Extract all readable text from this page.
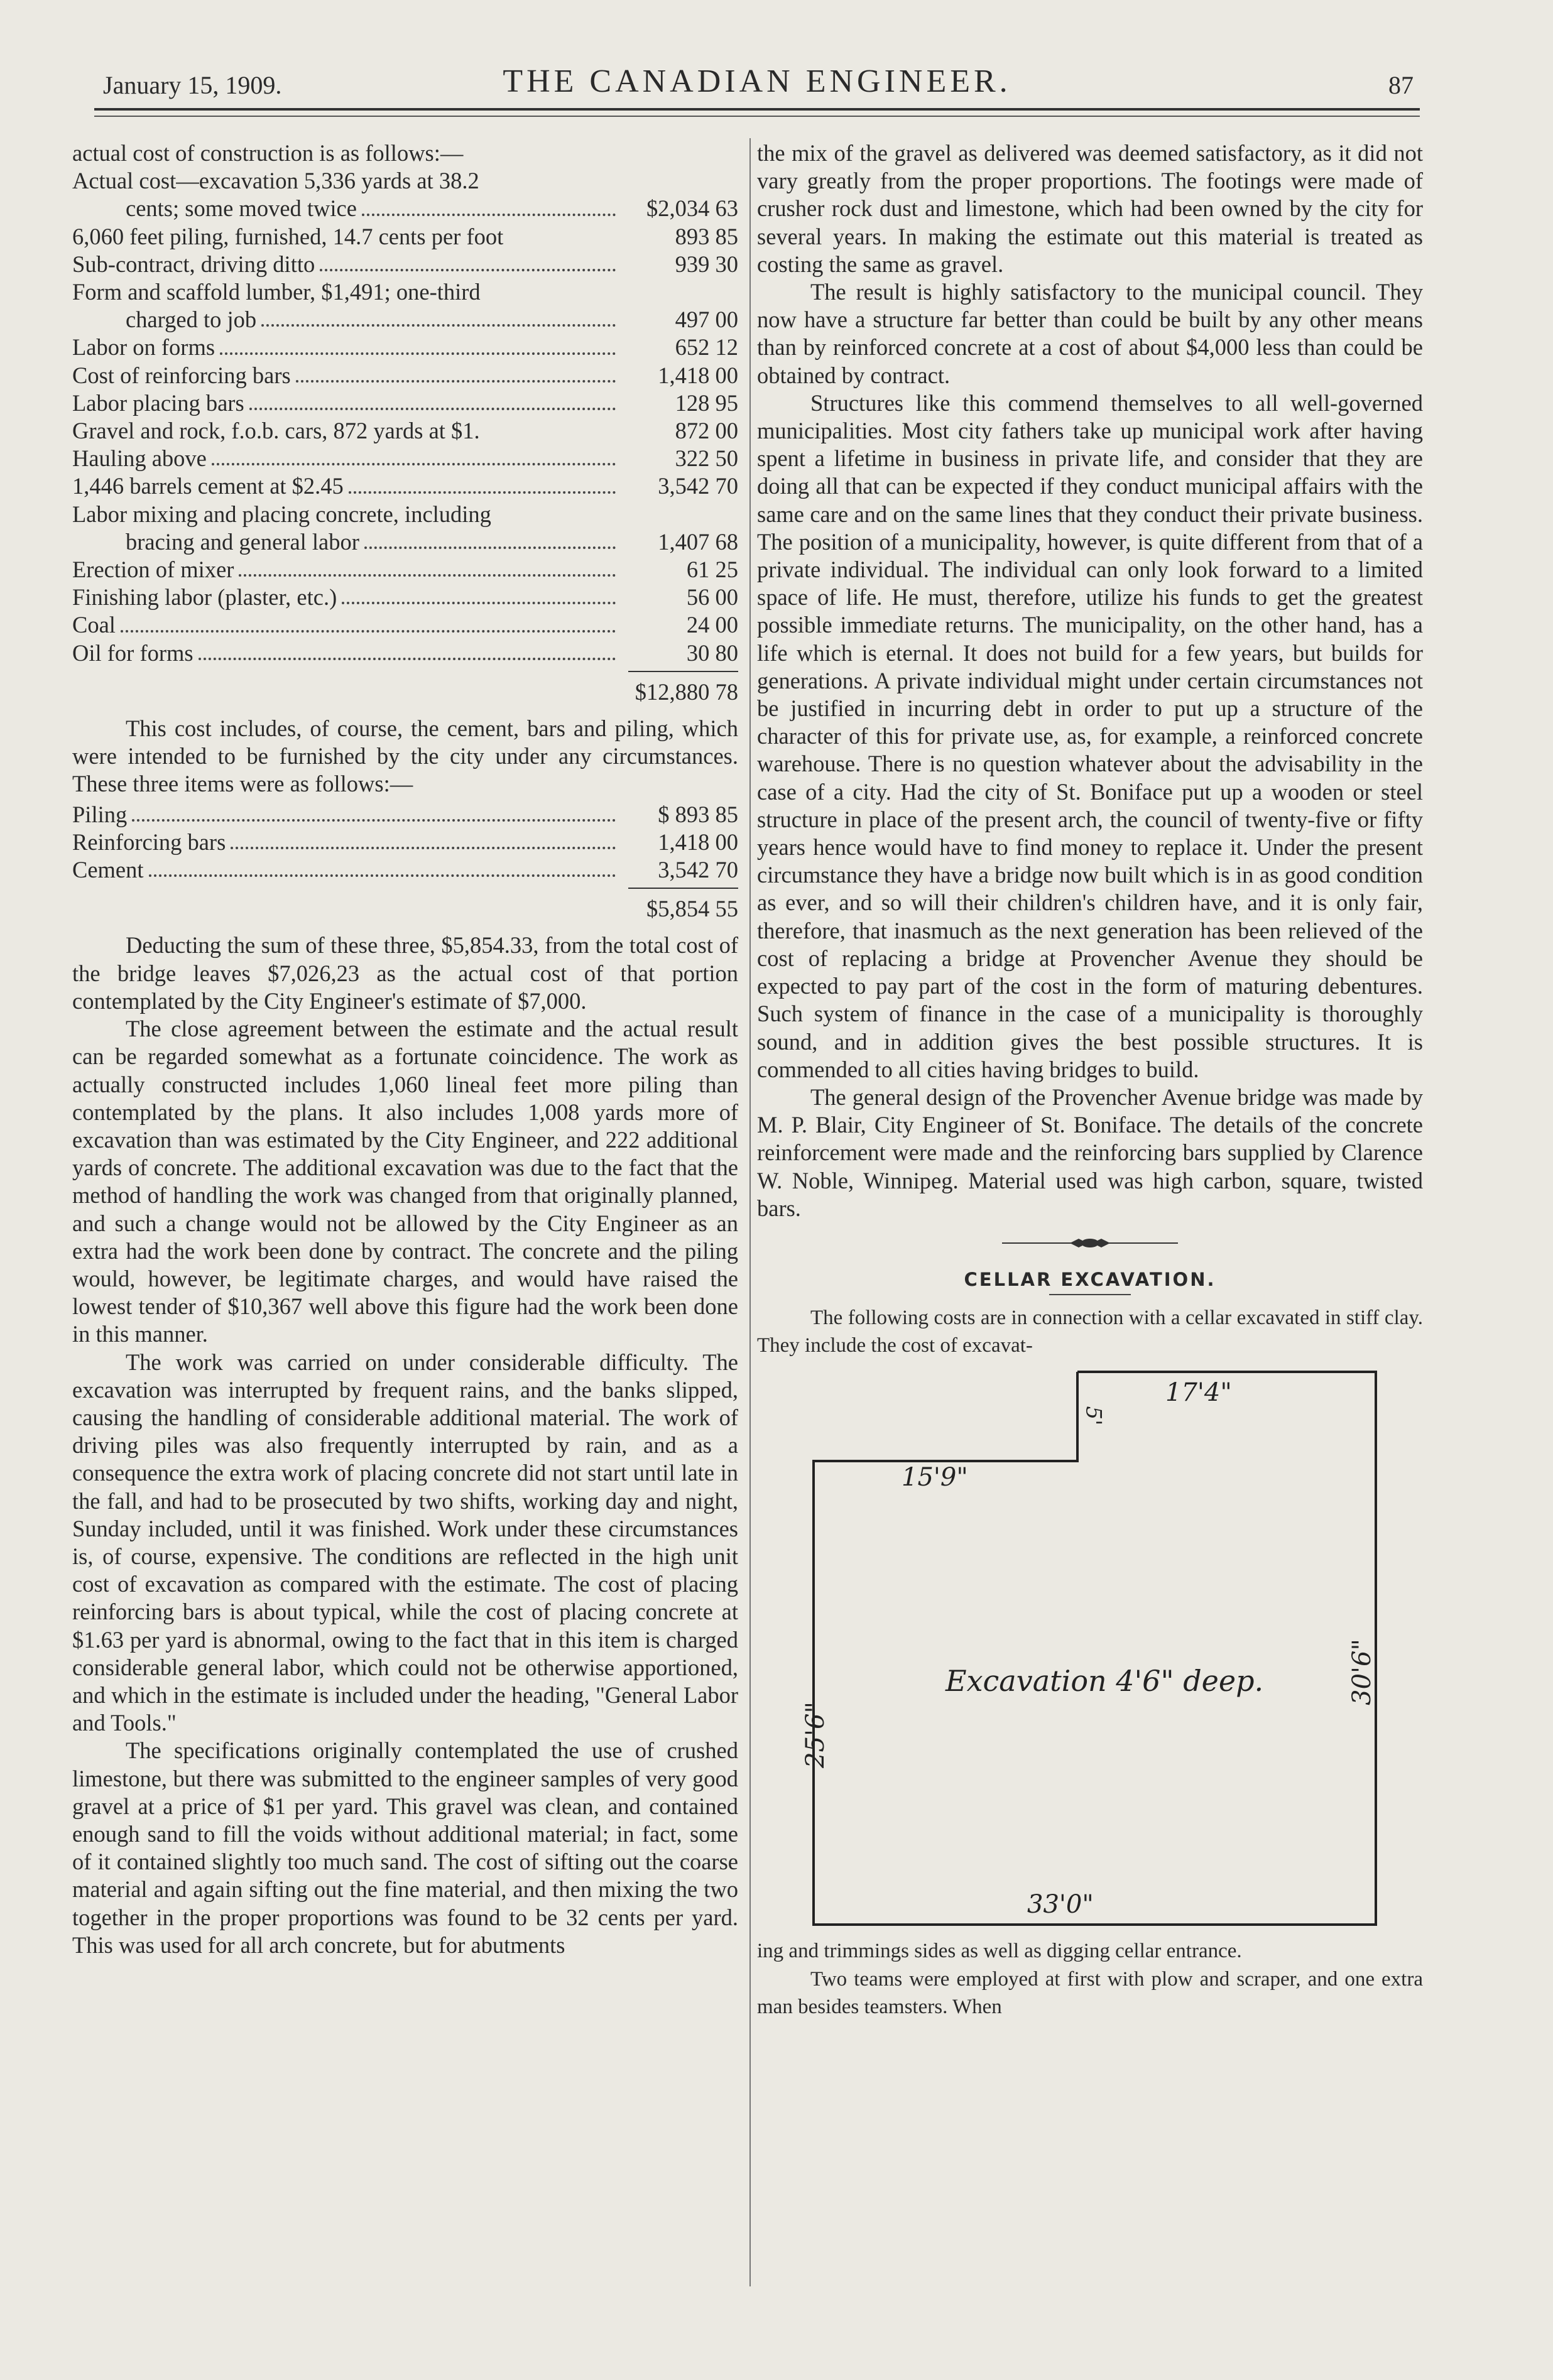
January 15, 1909.	THE CANADIAN ENGINEER.	87

actual cost of construction is as follows:—

Actual cost—excavation 5,336 yards at 38.2
cents; some moved twice	$2,034 63
6,060 feet piling, furnished, 14.7 cents per foot	893 85
Sub-contract, driving ditto	939 30
Form and scaffold lumber, $1,491; one-third
charged to job	497 00
Labor on forms	652 12
Cost of reinforcing bars	1,418 00
Labor placing bars	128 95
Gravel and rock, f.o.b. cars, 872 yards at $1.	872 00
Hauling above	322 50
1,446 barrels cement at $2.45	3,542 70
Labor mixing and placing concrete, including
bracing and general labor	1,407 68
Erection of mixer	61 25
Finishing labor (plaster, etc.)	56 00
Coal	24 00
Oil for forms	30 80
$12,880 78

This cost includes, of course, the cement, bars and piling, which were intended to be furnished by the city under any circumstances. These three items were as follows:—

Piling	$ 893 85
Reinforcing bars	1,418 00
Cement	3,542 70
$5,854 55

Deducting the sum of these three, $5,854.33, from the total cost of the bridge leaves $7,026,23 as the actual cost of that portion contemplated by the City Engineer's estimate of $7,000.

The close agreement between the estimate and the actual result can be regarded somewhat as a fortunate coincidence. The work as actually constructed includes 1,060 lineal feet more piling than contemplated by the plans. It also includes 1,008 yards more of excavation than was estimated by the City Engineer, and 222 additional yards of concrete. The additional excavation was due to the fact that the method of handling the work was changed from that originally planned, and such a change would not be allowed by the City Engineer as an extra had the work been done by contract. The concrete and the piling would, however, be legitimate charges, and would have raised the lowest tender of $10,367 well above this figure had the work been done in this manner.

The work was carried on under considerable difficulty. The excavation was interrupted by frequent rains, and the banks slipped, causing the handling of considerable additional material. The work of driving piles was also frequently interrupted by rain, and as a consequence the extra work of placing concrete did not start until late in the fall, and had to be prosecuted by two shifts, working day and night, Sunday included, until it was finished. Work under these circumstances is, of course, expensive. The conditions are reflected in the high unit cost of excavation as compared with the estimate. The cost of placing reinforcing bars is about typical, while the cost of placing concrete at $1.63 per yard is abnormal, owing to the fact that in this item is charged considerable general labor, which could not be otherwise apportioned, and which in the estimate is included under the heading, "General Labor and Tools."

The specifications originally contemplated the use of crushed limestone, but there was submitted to the engineer samples of very good gravel at a price of $1 per yard. This gravel was clean, and contained enough sand to fill the voids without additional material; in fact, some of it contained slightly too much sand. The cost of sifting out the coarse material and again sifting out the fine material, and then mixing the two together in the proper proportions was found to be 32 cents per yard. This was used for all arch concrete, but for abutments

the mix of the gravel as delivered was deemed satisfactory, as it did not vary greatly from the proper proportions. The footings were made of crusher rock dust and limestone, which had been owned by the city for several years. In making the estimate out this material is treated as costing the same as gravel.

The result is highly satisfactory to the municipal council. They now have a structure far better than could be built by any other means than by reinforced concrete at a cost of about $4,000 less than could be obtained by contract.

Structures like this commend themselves to all well-governed municipalities. Most city fathers take up municipal work after having spent a lifetime in business in private life, and consider that they are doing all that can be expected if they conduct municipal affairs with the same care and on the same lines that they conduct their private business. The position of a municipality, however, is quite different from that of a private individual. The individual can only look forward to a limited space of life. He must, therefore, utilize his funds to get the greatest possible immediate returns. The municipality, on the other hand, has a life which is eternal. It does not build for a few years, but builds for generations. A private individual might under certain circumstances not be justified in incurring debt in order to put up a structure of the character of this for private use, as, for example, a reinforced concrete warehouse. There is no question whatever about the advisability in the case of a city. Had the city of St. Boniface put up a wooden or steel structure in place of the present arch, the council of twenty-five or fifty years hence would have to find money to replace it. Under the present circumstance they have a bridge now built which is in as good condition as ever, and so will their children's children have, and it is only fair, therefore, that inasmuch as the next generation has been relieved of the cost of replacing a bridge at Provencher Avenue they should be expected to pay part of the cost in the form of maturing debentures. Such system of finance in the case of a municipality is thoroughly sound, and in addition gives the best possible structures. It is commended to all cities having bridges to build.

The general design of the Provencher Avenue bridge was made by M. P. Blair, City Engineer of St. Boniface. The details of the concrete reinforcement were made and the reinforcing bars supplied by Clarence W. Noble, Winnipeg. Material used was high carbon, square, twisted bars.

CELLAR EXCAVATION.

The following costs are in connection with a cellar excavated in stiff clay. They include the cost of excavat-

17'4"
5'
15'9"
30'6"
25'6"
Excavation 4'6" deep.
33'0"

ing and trimmings sides as well as digging cellar entrance.

Two teams were employed at first with plow and scraper, and one extra man besides teamsters. When
